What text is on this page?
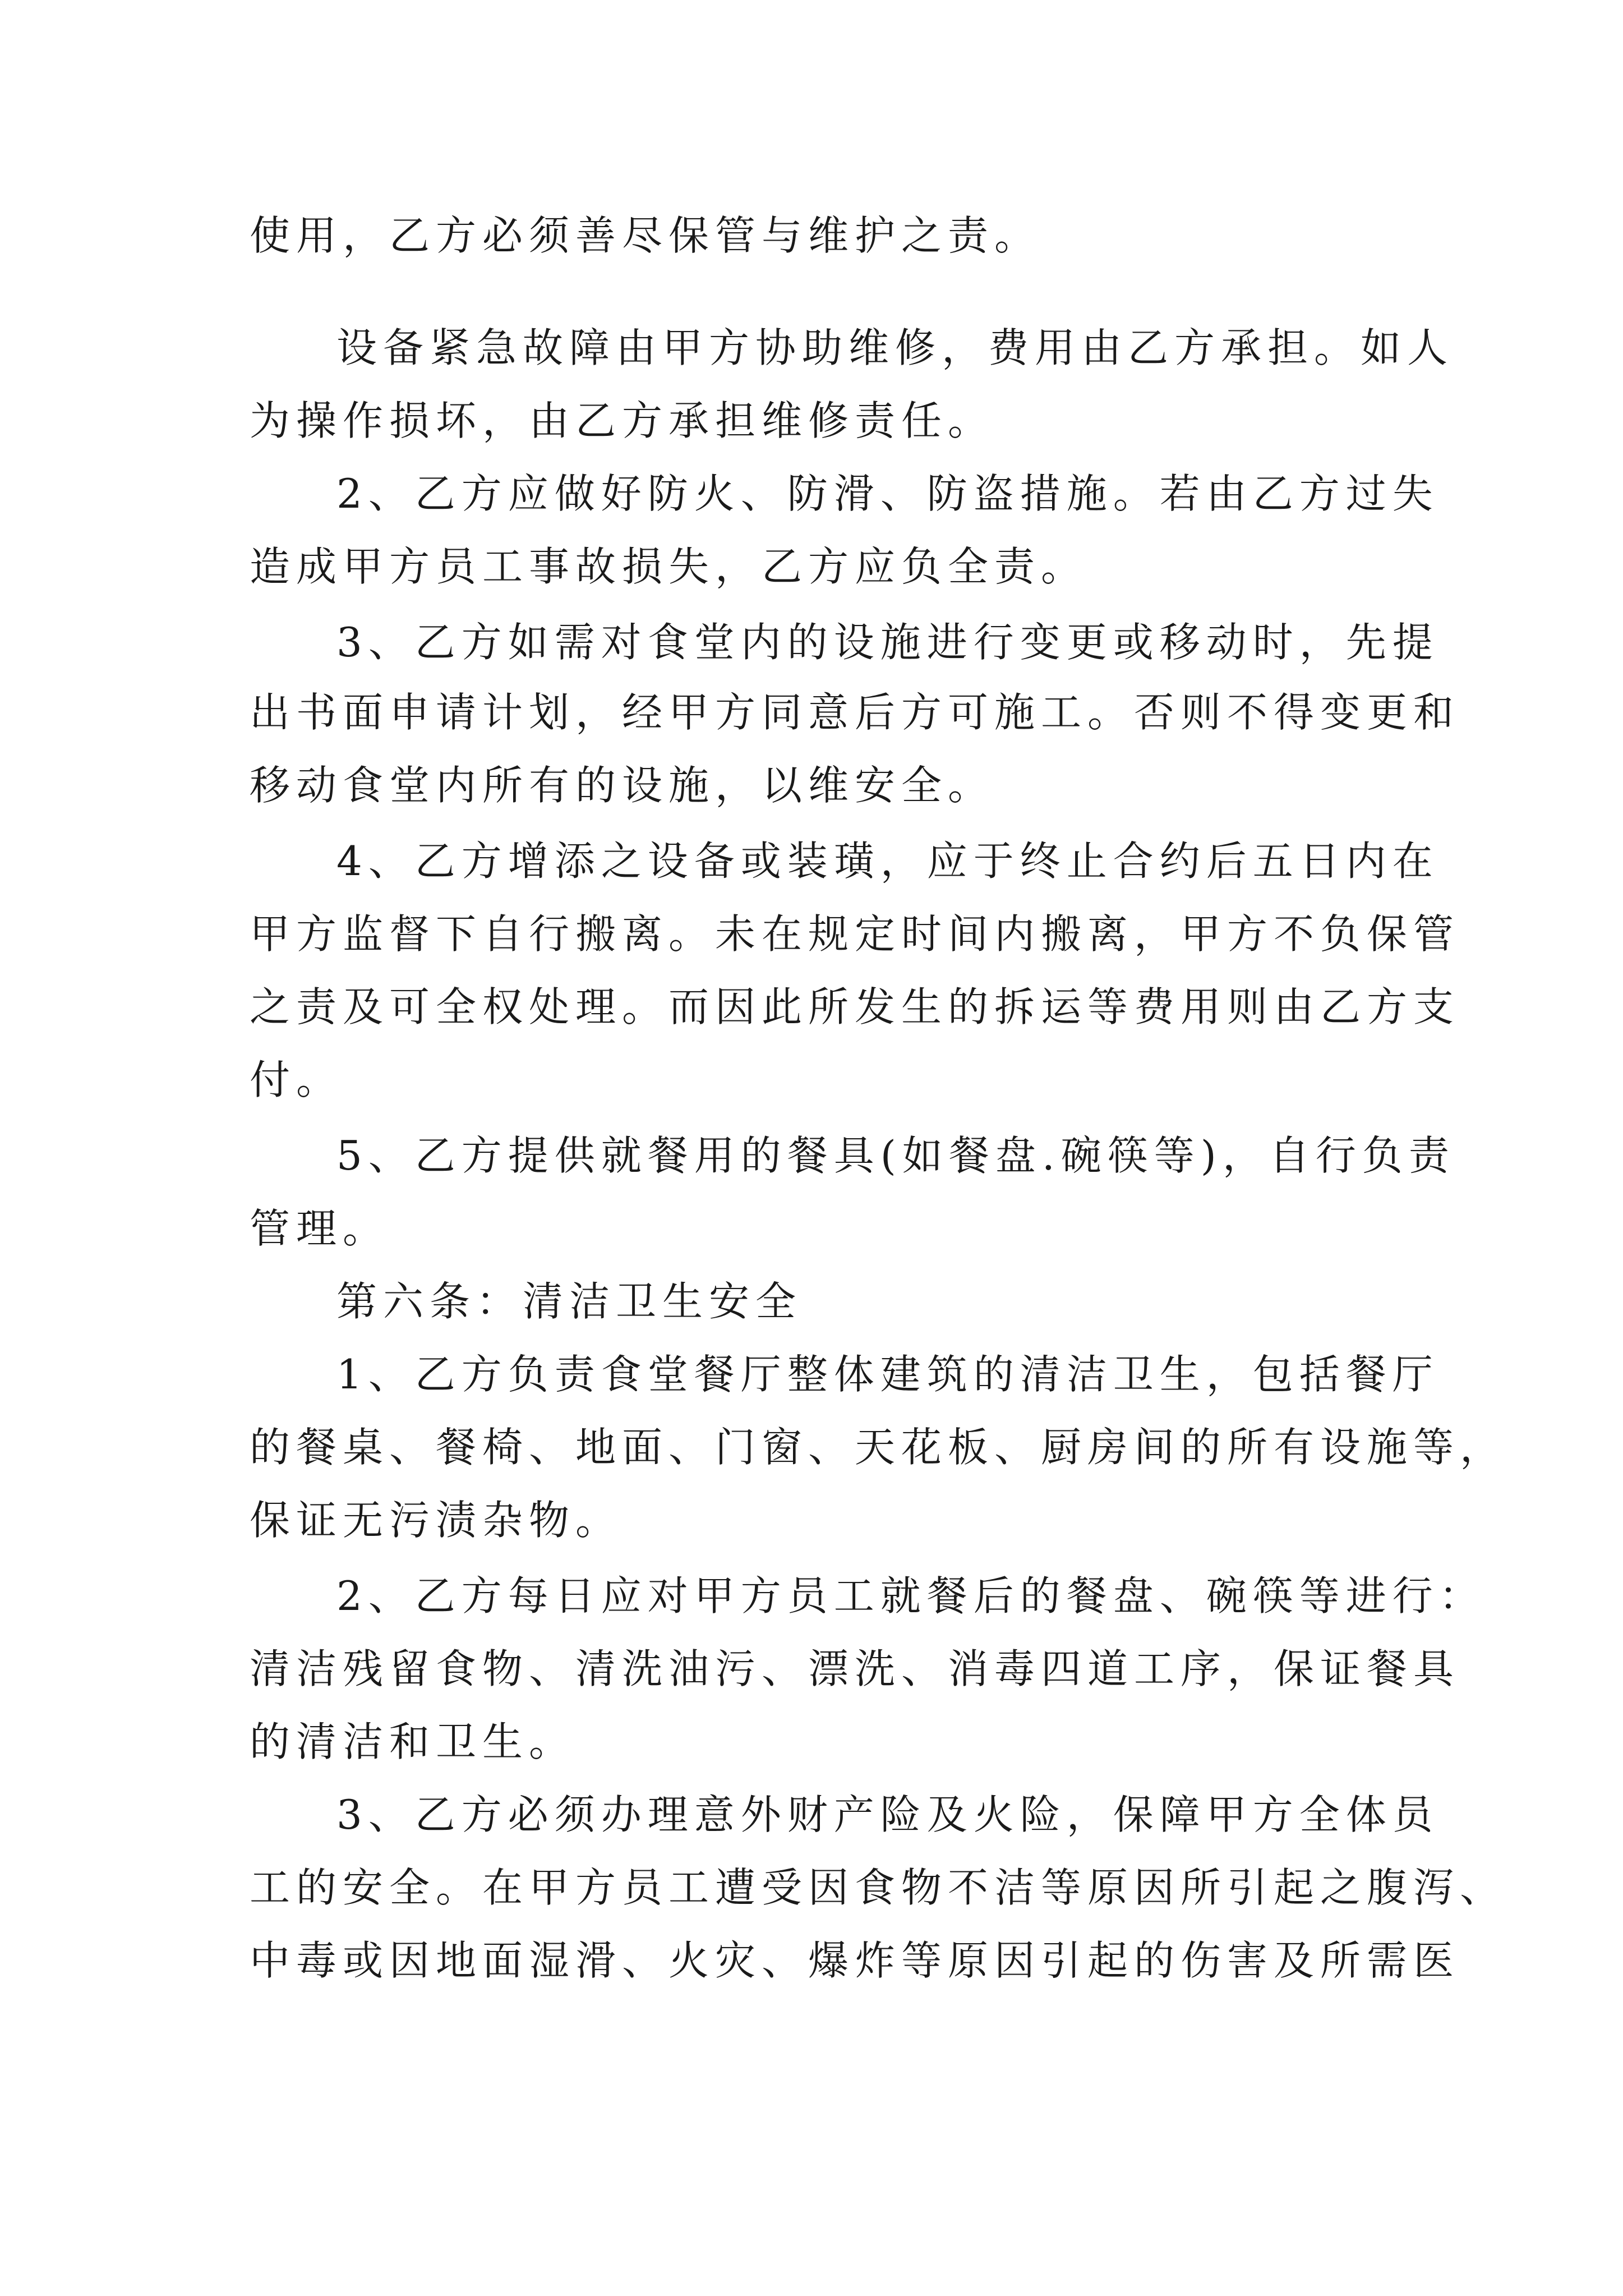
使用，乙方必须善尽保管与维护之责。

设备紧急故障由甲方协助维修，费用由乙方承担。如人

为操作损坏，由乙方承担维修责任。

2、乙方应做好防火、防滑、防盗措施。若由乙方过失

造成甲方员工事故损失，乙方应负全责。

3、乙方如需对食堂内的设施进行变更或移动时，先提

出书面申请计划，经甲方同意后方可施工。否则不得变更和

移动食堂内所有的设施，以维安全。

4、乙方增添之设备或装璜，应于终止合约后五日内在

甲方监督下自行搬离。未在规定时间内搬离，甲方不负保管

之责及可全权处理。而因此所发生的拆运等费用则由乙方支

付。

5、乙方提供就餐用的餐具(如餐盘.碗筷等)，自行负责

管理。

第六条：清洁卫生安全

1、乙方负责食堂餐厅整体建筑的清洁卫生，包括餐厅

的餐桌、餐椅、地面、门窗、天花板、厨房间的所有设施等，

保证无污渍杂物。

2、乙方每日应对甲方员工就餐后的餐盘、碗筷等进行：

清洁残留食物、清洗油污、漂洗、消毒四道工序，保证餐具

的清洁和卫生。

3、乙方必须办理意外财产险及火险，保障甲方全体员

工的安全。在甲方员工遭受因食物不洁等原因所引起之腹泻、

中毒或因地面湿滑、火灾、爆炸等原因引起的伤害及所需医
